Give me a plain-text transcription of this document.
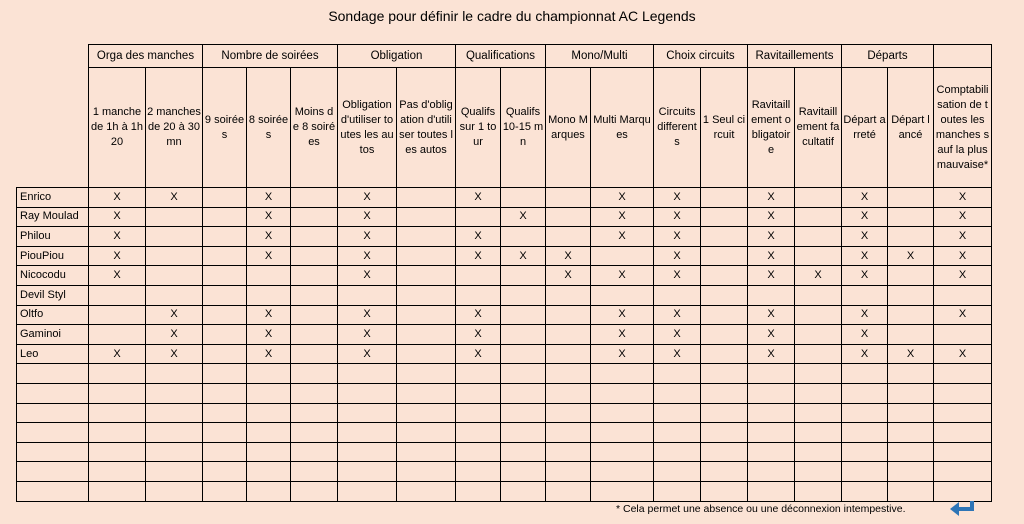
Sondage pour définir le cadre du championnat AC Legends
	Orga des manches		Nombre de soirées			Obligation		Qualifications		Mono/Multi		Choix circuits		Ravitaillements		Départs		
	1 manche de 1h à 1h20	2 manches de 20 à 30mn	9 soirées	8 soirées	Moins de 8 soirées	Obligation d'utiliser toutes les autos	Pas d'obligation d'utiliser toutes les autos	Qualifs sur 1 tour	Qualifs 10-15 mn	Mono Marques	Multi Marques	Circuits differents	1 Seul circuit	Ravitaillement obligatoire	Ravitaillement facultatif	Départ arreté	Départ lancé	Comptabilisation de toutes les manches sauf la plus mauvaise*
Enrico	X	X		X		X		X			X	X		X		X		X
Ray Moulad	X			X		X			X		X	X		X		X		X
Philou	X			X		X		X			X	X		X		X		X
PiouPiou	X			X		X		X	X	X		X		X		X	X	X
Nicocodu	X					X				X	X	X		X	X	X		X
Devil Styl																		
Oltfo		X		X		X		X			X	X		X		X		X
Gaminoi		X		X		X		X			X	X		X		X		
Leo	X	X		X		X		X			X	X		X		X	X	X

* Cela permet une absence ou une déconnexion intempestive.
